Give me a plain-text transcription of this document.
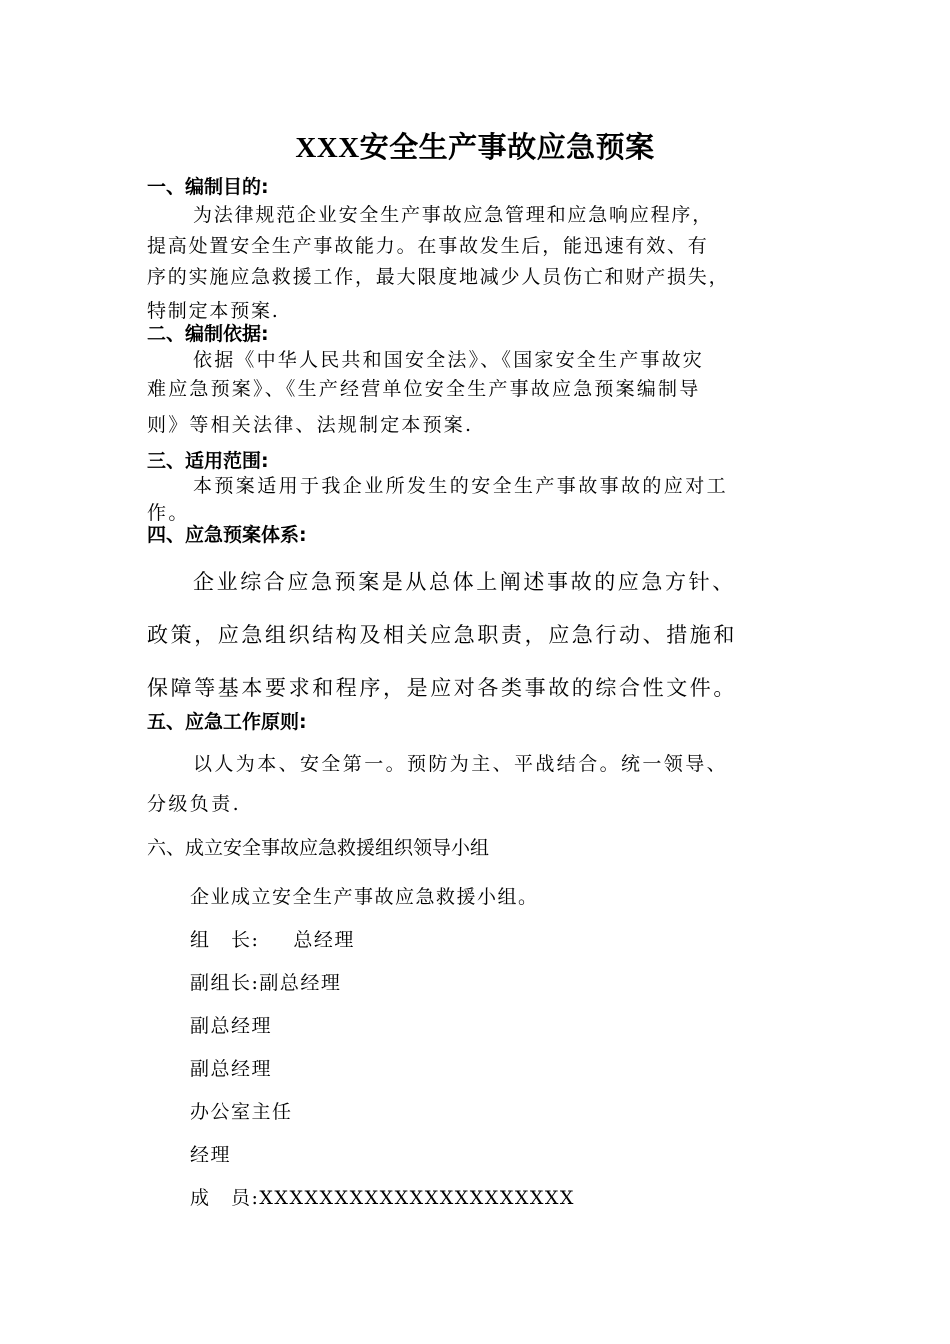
XXX安全生产事故应急预案
一、编制目的:
为法律规范企业安全生产事故应急管理和应急响应程序，
提高处置安全生产事故能力。在事故发生后，能迅速有效、有
序的实施应急救援工作，最大限度地减少人员伤亡和财产损失，
特制定本预案.
二、编制依据:
依据《中华人民共和国安全法》、《国家安全生产事故灾
难应急预案》、《生产经营单位安全生产事故应急预案编制导
则》等相关法律、法规制定本预案.
三、适用范围:
本预案适用于我企业所发生的安全生产事故事故的应对工
作。
四、应急预案体系:
企业综合应急预案是从总体上阐述事故的应急方针、
政策，应急组织结构及相关应急职责，应急行动、措施和
保障等基本要求和程序，是应对各类事故的综合性文件。
五、应急工作原则:
以人为本、安全第一。预防为主、平战结合。统一领导、
分级负责.
六、成立安全事故应急救援组织领导小组
企业成立安全生产事故应急救援小组。
组　长: 总经理
副组长:副总经理
副总经理
副总经理
办公室主任
经理
成　员:XXXXXXXXXXXXXXXXXXXXX
